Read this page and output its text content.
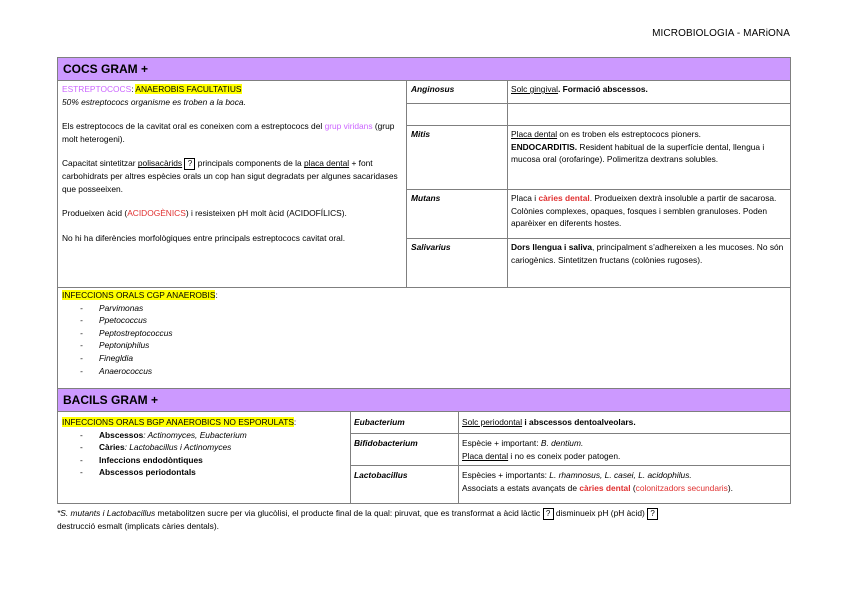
MICROBIOLOGIA - MARiONA
COCS GRAM +
ESTREPTOCOCS: ANAEROBIS FACULTATIUS
50% estreptococs organisme es troben a la boca.
Els estreptococs de la cavitat oral es coneixen com a estreptococs del grup viridans (grup molt heterogeni).
Capacitat sintetitzar polisacàrids ? principals components de la placa dental + font carbohidrats per altres espècies orals un cop han sigut degradats per algunes sacaridases que posseeixen.
Produeixen àcid (ACIDOGÈNICS) i resisteixen pH molt àcid (ACIDOFÍLICS).
No hi ha diferències morfològiques entre principals estreptococs cavitat oral.
Anginosus	Solc gingival. Formació abscessos.
Mitis	Placa dental on es troben els estreptococs pioners.
ENDOCARDITIS. Resident habitual de la superfície dental, llengua i mucosa oral (orofaringe). Polimeritza dextrans solubles.
Mutans	Placa i càries dental. Produeixen dextrà insoluble a partir de sacarosa. Colònies complexes, opaques, fosques i semblen granuloses. Poden aparèixer en diferents hostes.
Salivarius	Dors llengua i saliva, principalment s’adhereixen a les mucoses. No són cariogènics. Sintetitzen fructans (colònies rugoses).
INFECCIONS ORALS CGP ANAEROBIS:
- Parvimonas
- Ppetococcus
- Peptostreptococcus
- Peptoniphilus
- Finegldia
- Anaerococcus
BACILS GRAM +
INFECCIONS ORALS BGP ANAEROBICS NO ESPORULATS:
- Abscessos: Actinomyces, Eubacterium
- Càries: Lactobacillus i Actinomyces
- Infeccions endodòntiques
- Abscessos periodontals
Eubacterium	Solc periodontal i abscessos dentoalveolars.
Bifidobacterium	Espècie + important: B. dentium.
Placa dental i no es coneix poder patogen.
Lactobacillus	Espècies + importants: L. rhamnosus, L. casei, L. acidophilus.
Associats a estats avançats de càries dental (colonitzadors secundaris).
*S. mutants i Lactobacillus metabolitzen sucre per via glucòlisi, el producte final de la qual: piruvat, que es transformat a àcid làctic ? disminueix pH (pH àcid) ?
destrucció esmalt (implicats càries dentals).
